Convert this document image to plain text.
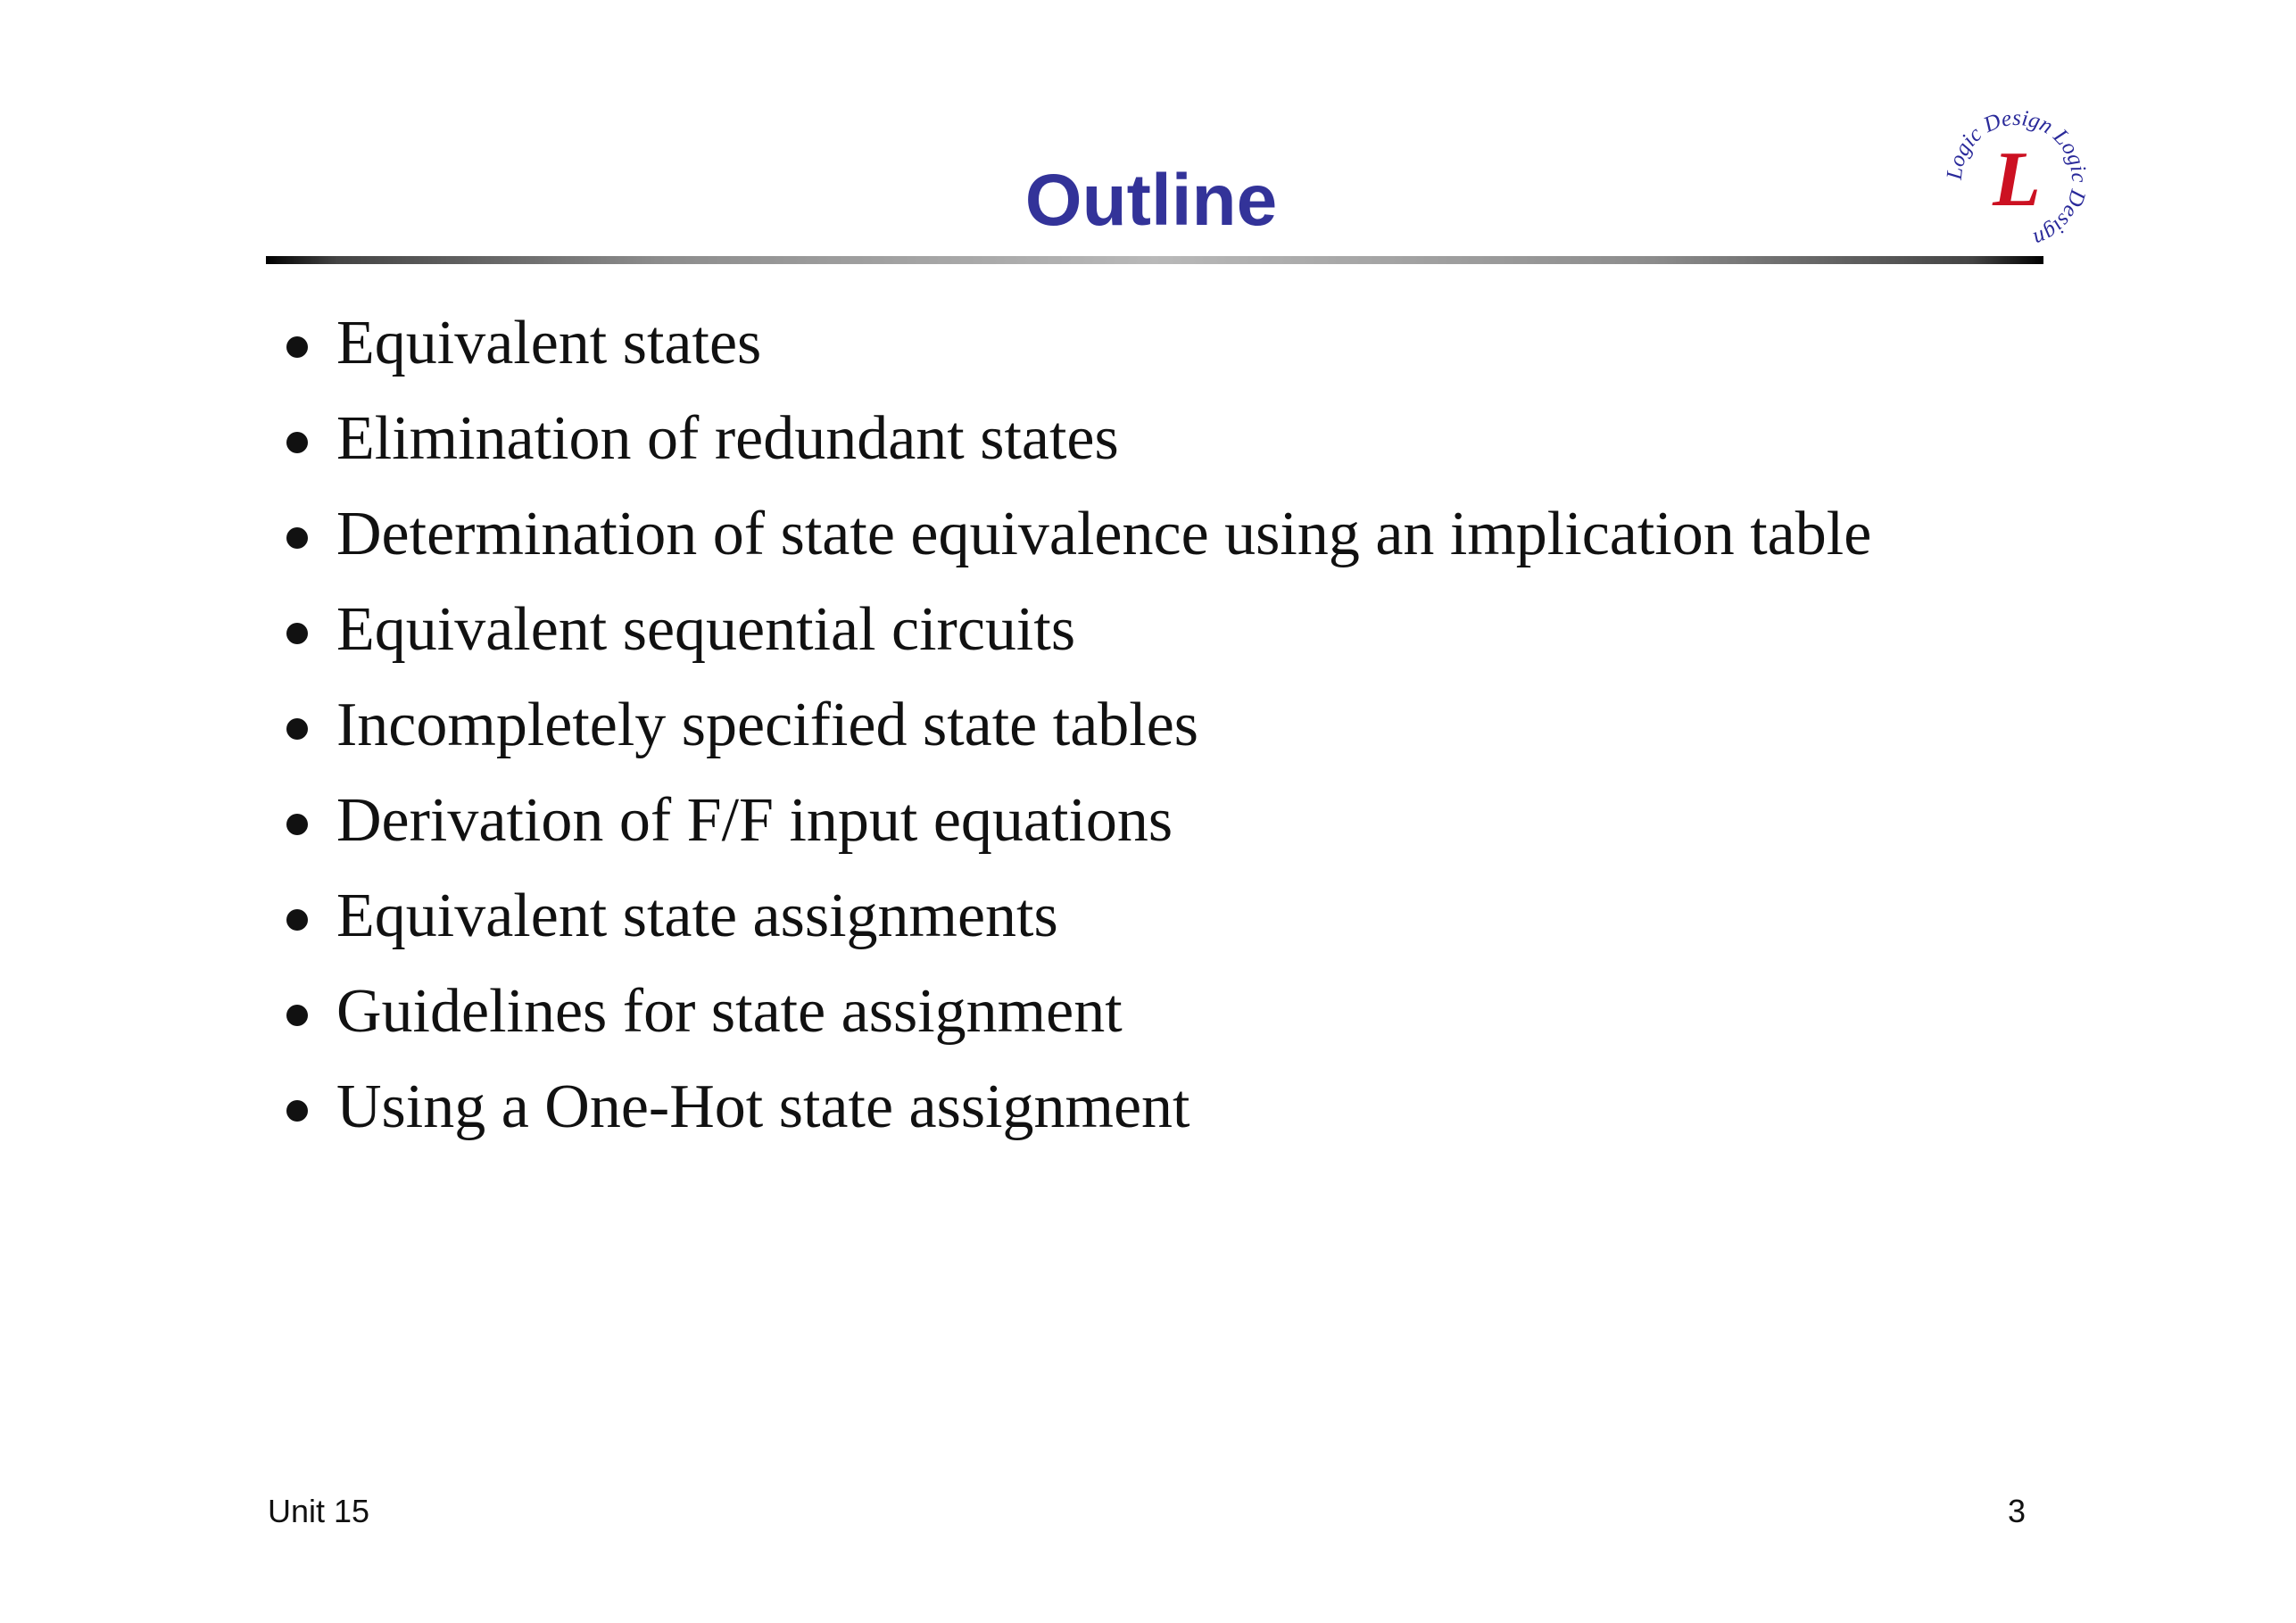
Outline	Logic Design Logic Design
L
Equivalent states
Elimination of redundant states
Determination of state equivalence using an implication table
Equivalent sequential circuits
Incompletely specified state tables
Derivation of F/F input equations
Equivalent state assignments
Guidelines for state assignment
Using a One-Hot state assignment
Unit 15	3
